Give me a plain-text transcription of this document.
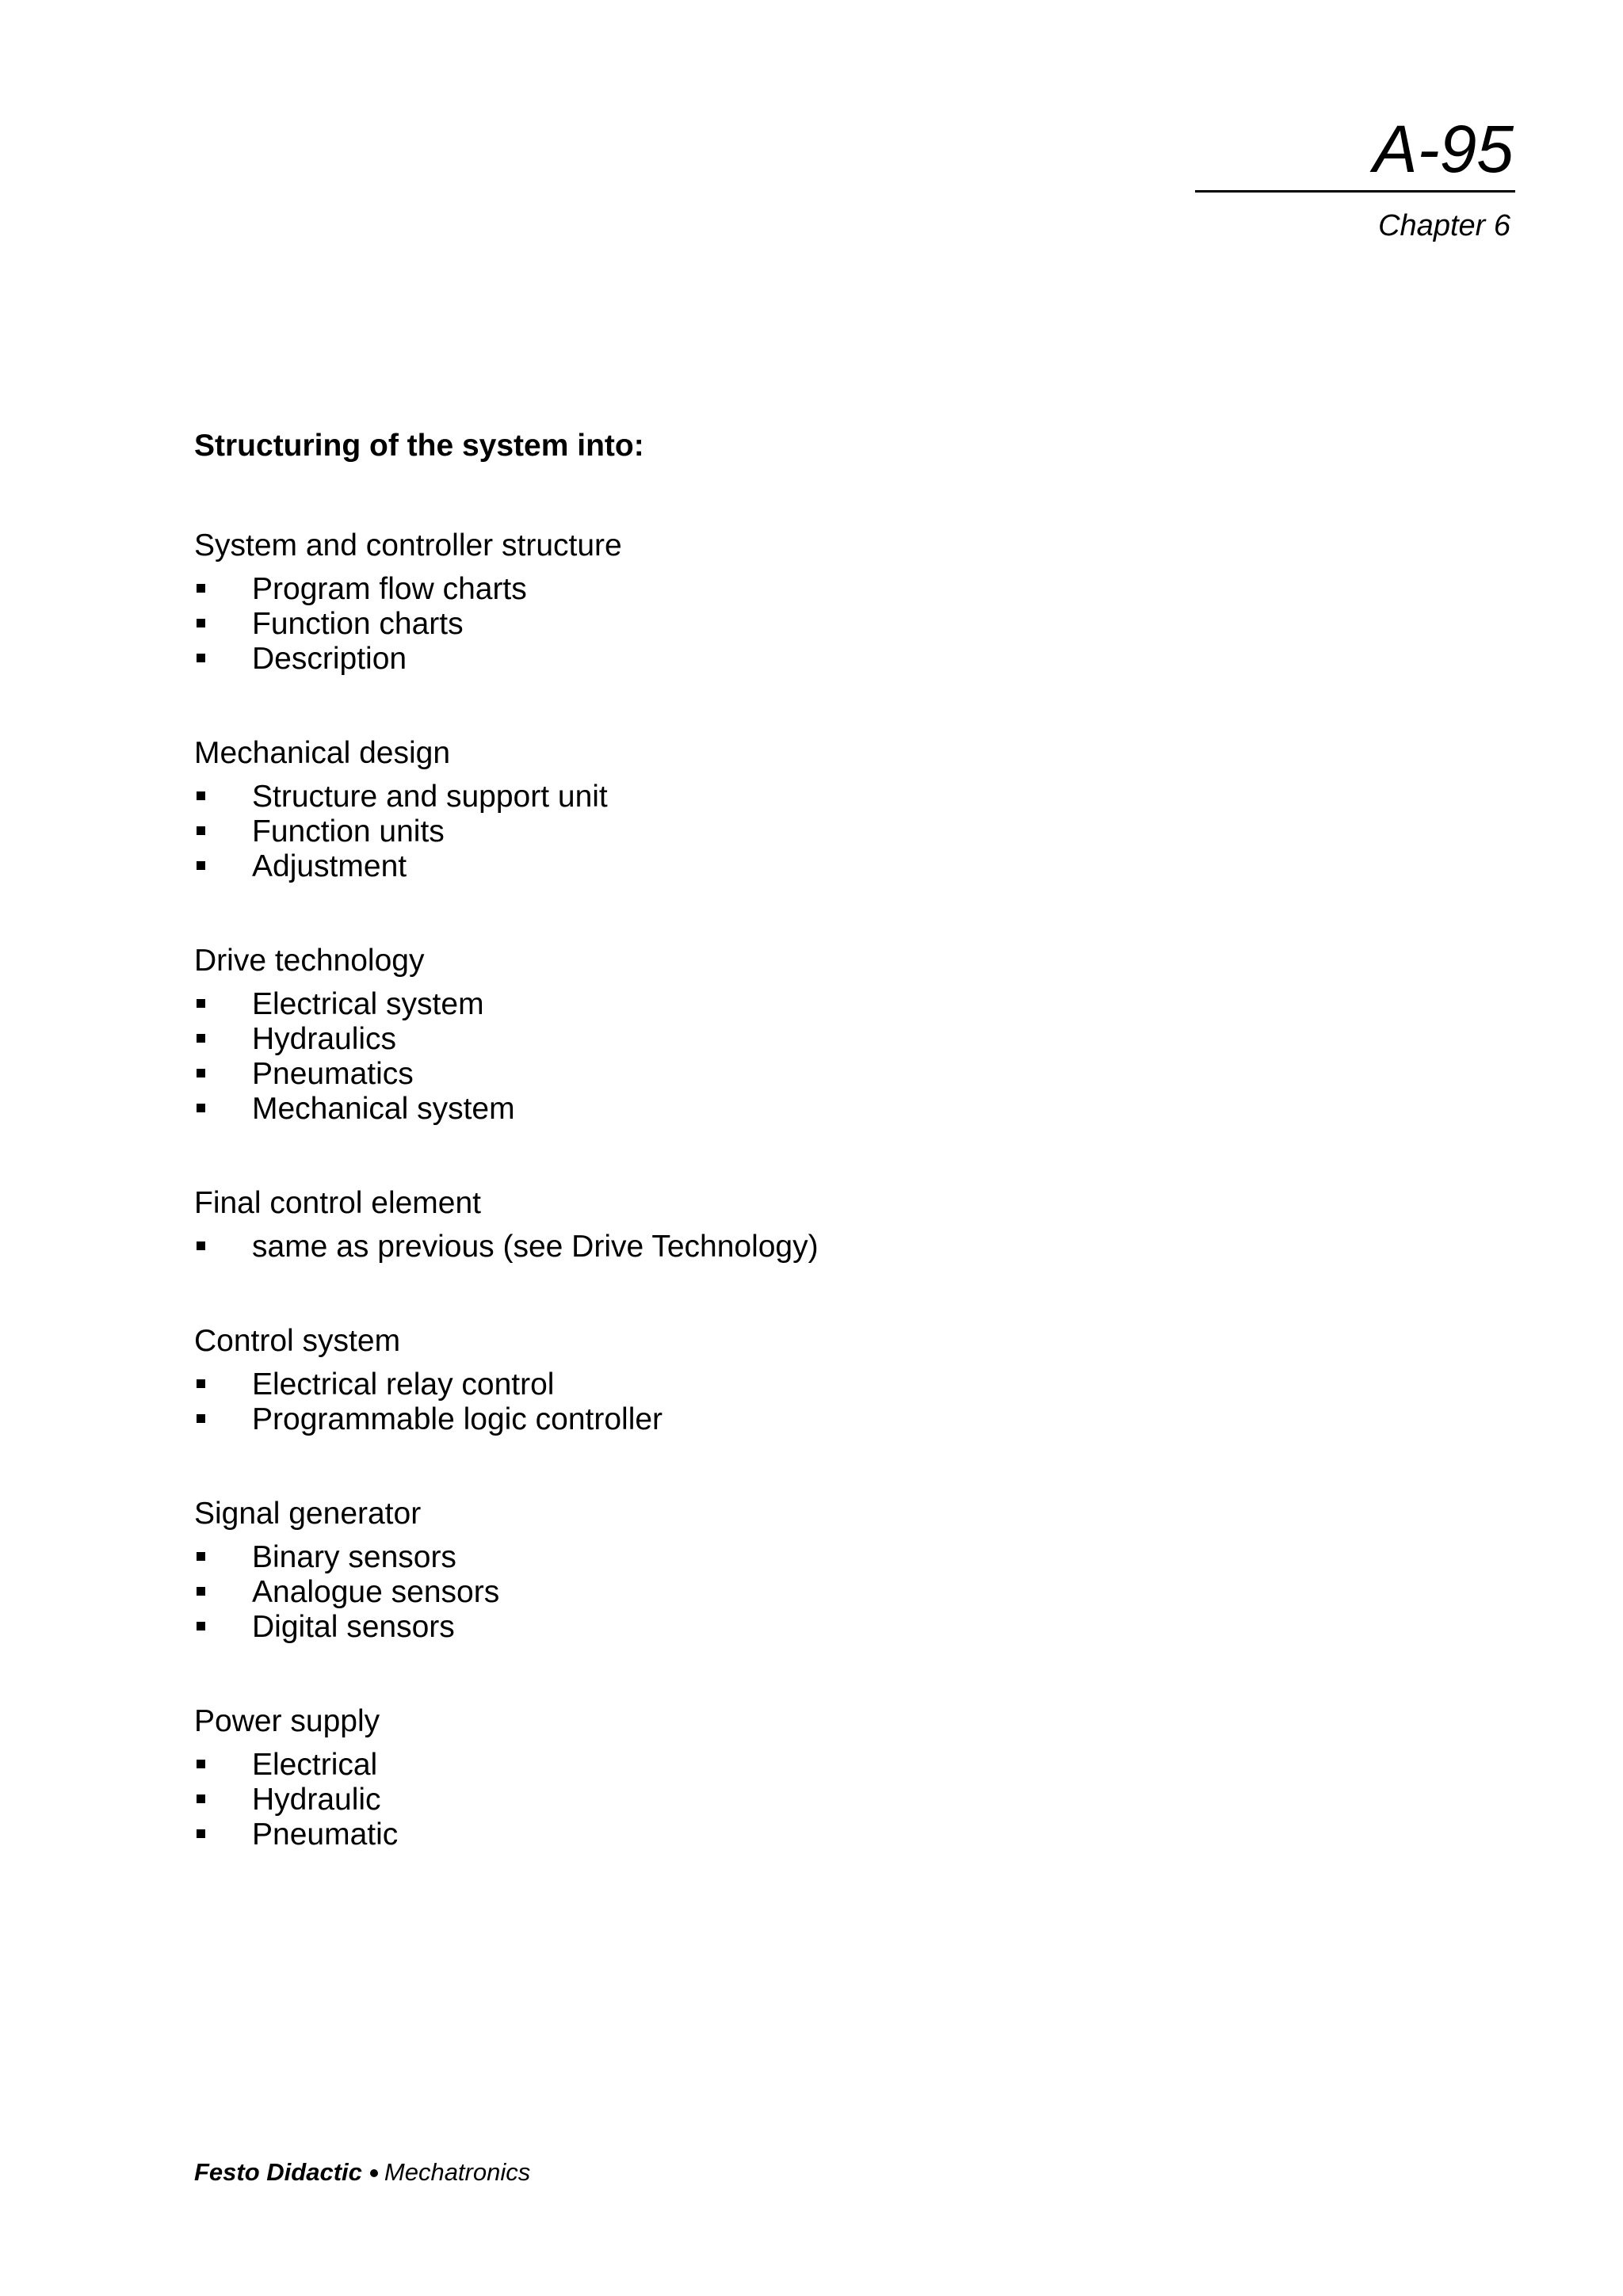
A-95
Chapter 6

Structuring of the system into:

System and controller structure

Program flow charts
Function charts
Description

Mechanical design

Structure and support unit
Function units
Adjustment

Drive technology

Electrical system
Hydraulics
Pneumatics
Mechanical system

Final control element

same as previous (see Drive Technology)

Control system

Electrical relay control
Programmable logic controller

Signal generator

Binary sensors
Analogue sensors
Digital sensors

Power supply

Electrical
Hydraulic
Pneumatic
Festo Didactic Mechatronics
